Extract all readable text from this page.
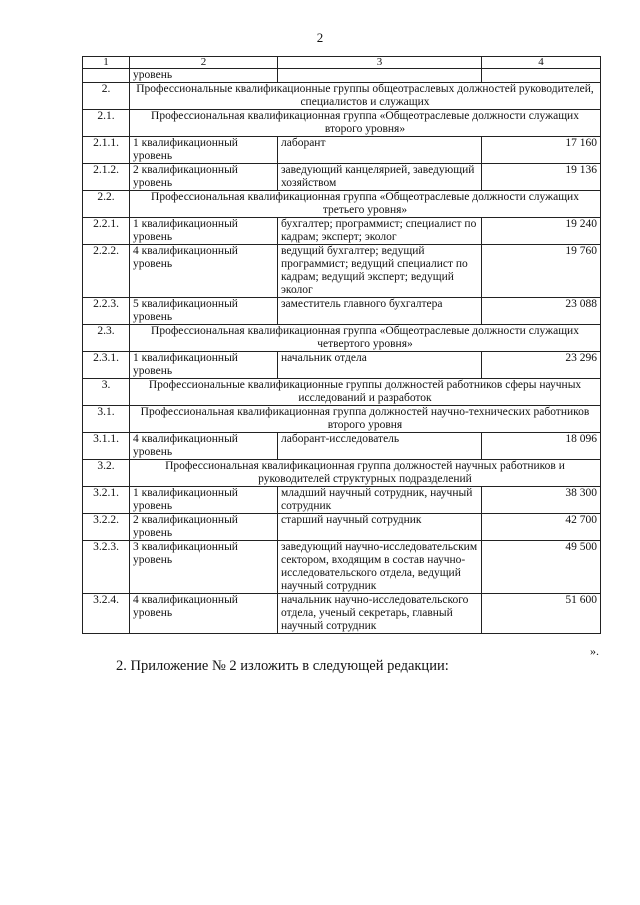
2
1	2	3	4
	уровень		
2.	Профессиональные квалификационные группы общеотраслевых должностей руководителей, специалистов и служащих		
2.1.	Профессиональная квалификационная группа «Общеотраслевые должности служащих второго уровня»		
2.1.1.	1 квалификационный уровень	лаборант	17 160
2.1.2.	2 квалификационный уровень	заведующий канцелярией, заведующий хозяйством	19 136
2.2.	Профессиональная квалификационная группа «Общеотраслевые должности служащих третьего уровня»		
2.2.1.	1 квалификационный уровень	бухгалтер; программист; специалист по кадрам; эксперт; эколог	19 240
2.2.2.	4 квалификационный уровень	ведущий бухгалтер; ведущий программист; ведущий специалист по кадрам; ведущий эксперт; ведущий эколог	19 760
2.2.3.	5 квалификационный уровень	заместитель главного бухгалтера	23 088
2.3.	Профессиональная квалификационная группа «Общеотраслевые должности служащих четвертого уровня»		
2.3.1.	1 квалификационный уровень	начальник отдела	23 296
3.	Профессиональные квалификационные группы должностей работников сферы научных исследований и разработок		
3.1.	Профессиональная квалификационная группа должностей научно-технических работников второго уровня		
3.1.1.	4 квалификационный уровень	лаборант-исследователь	18 096
3.2.	Профессиональная квалификационная группа должностей научных работников и руководителей структурных подразделений		
3.2.1.	1 квалификационный уровень	младший научный сотрудник, научный сотрудник	38 300
3.2.2.	2 квалификационный уровень	старший научный сотрудник	42 700
3.2.3.	3 квалификационный уровень	заведующий научно-исследовательским сектором, входящим в состав научно-исследовательского отдела, ведущий научный сотрудник	49 500
3.2.4.	4 квалификационный уровень	начальник научно-исследовательского отдела, ученый секретарь, главный научный сотрудник	51 600
».
2. Приложение № 2 изложить в следующей редакции:
